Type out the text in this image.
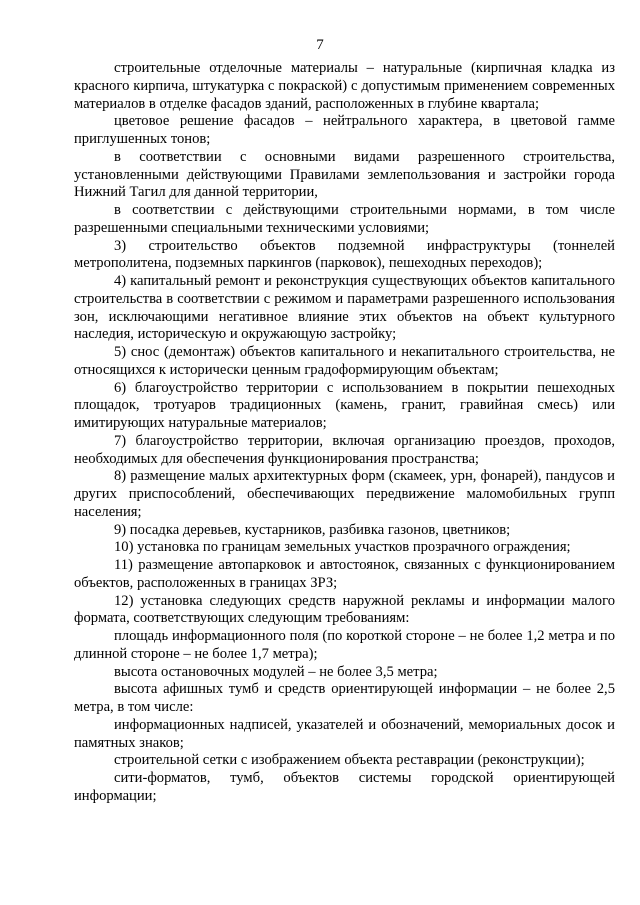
7

строительные отделочные материалы – натуральные (кирпичная кладка из красного кирпича, штукатурка с покраской) с допустимым применением современных материалов в отделке фасадов зданий, расположенных в глубине квартала;

цветовое решение фасадов – нейтрального характера, в цветовой гамме приглушенных тонов;

в соответствии с основными видами разрешенного строительства, установленными действующими Правилами землепользования и застройки города Нижний Тагил для данной территории,

в соответствии с действующими строительными нормами, в том числе разрешенными специальными техническими условиями;

3) строительство объектов подземной инфраструктуры (тоннелей метрополитена, подземных паркингов (парковок), пешеходных переходов);

4) капитальный ремонт и реконструкция существующих объектов капитального строительства в соответствии с режимом и параметрами разрешенного использования зон, исключающими негативное влияние этих объектов на объект культурного наследия, историческую и окружающую застройку;

5) снос (демонтаж) объектов капитального и некапитального строительства, не относящихся к исторически ценным градоформирующим объектам;

6) благоустройство территории с использованием в покрытии пешеходных площадок, тротуаров традиционных (камень, гранит, гравийная смесь) или имитирующих натуральные материалов;

7) благоустройство территории, включая организацию проездов, проходов, необходимых для обеспечения функционирования пространства;

8) размещение малых архитектурных форм (скамеек, урн, фонарей), пандусов и других приспособлений, обеспечивающих передвижение маломобильных групп населения;

9) посадка деревьев, кустарников, разбивка газонов, цветников;

10) установка по границам земельных участков прозрачного ограждения;

11) размещение автопарковок и автостоянок, связанных с функционированием объектов, расположенных в границах ЗРЗ;

12) установка следующих средств наружной рекламы и информации малого формата, соответствующих следующим требованиям:

площадь информационного поля (по короткой стороне – не более 1,2 метра и по длинной стороне – не более 1,7 метра);

высота остановочных модулей – не более 3,5 метра;

высота афишных тумб и средств ориентирующей информации – не более 2,5 метра, в том числе:

информационных надписей, указателей и обозначений, мемориальных досок и памятных знаков;

строительной сетки с изображением объекта реставрации (реконструкции);

сити-форматов, тумб, объектов системы городской ориентирующей информации;
